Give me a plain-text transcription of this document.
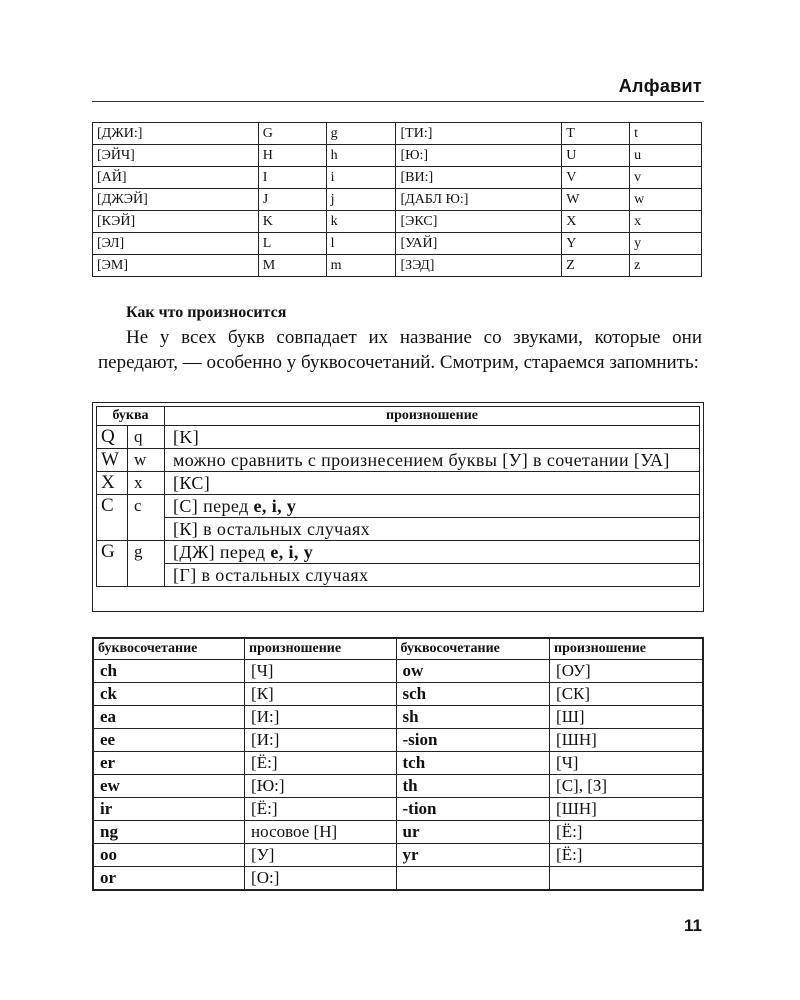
Алфавит
[ДЖИ:]	G	g	[ТИ:]	T	t
[ЭЙЧ]	H	h	[Ю:]	U	u
[АЙ]	I	i	[ВИ:]	V	v
[ДЖЭЙ]	J	j	[ДАБЛ Ю:]	W	w
[КЭЙ]	K	k	[ЭКС]	X	x
[ЭЛ]	L	l	[УАЙ]	Y	y
[ЭМ]	M	m	[ЗЭД]	Z	z
Как что произносится

Не у всех букв совпадает их название со звуками, которые они передают, — особенно у буквосочетаний. Смотрим, стараемся запомнить:

буква		произношение
Q	q	[K]
W	w	можно сравнить с произнесением буквы [У] в сочетании [УА]
X	x	[КС]
C	c	[С] перед e, i, y
		[К] в остальных случаях
G	g	[ДЖ] перед e, i, y
		[Г] в остальных случаях
буквосочетание	произношение	буквосочетание	произношение
ch	[Ч]	ow	[ОУ]
ck	[К]	sch	[СК]
ea	[И:]	sh	[Ш]
ee	[И:]	-sion	[ШН]
er	[Ё:]	tch	[Ч]
ew	[Ю:]	th	[С], [З]
ir	[Ё:]	-tion	[ШН]
ng	носовое [Н]	ur	[Ё:]
oo	[У]	yr	[Ё:]
or	[О:]		
11
